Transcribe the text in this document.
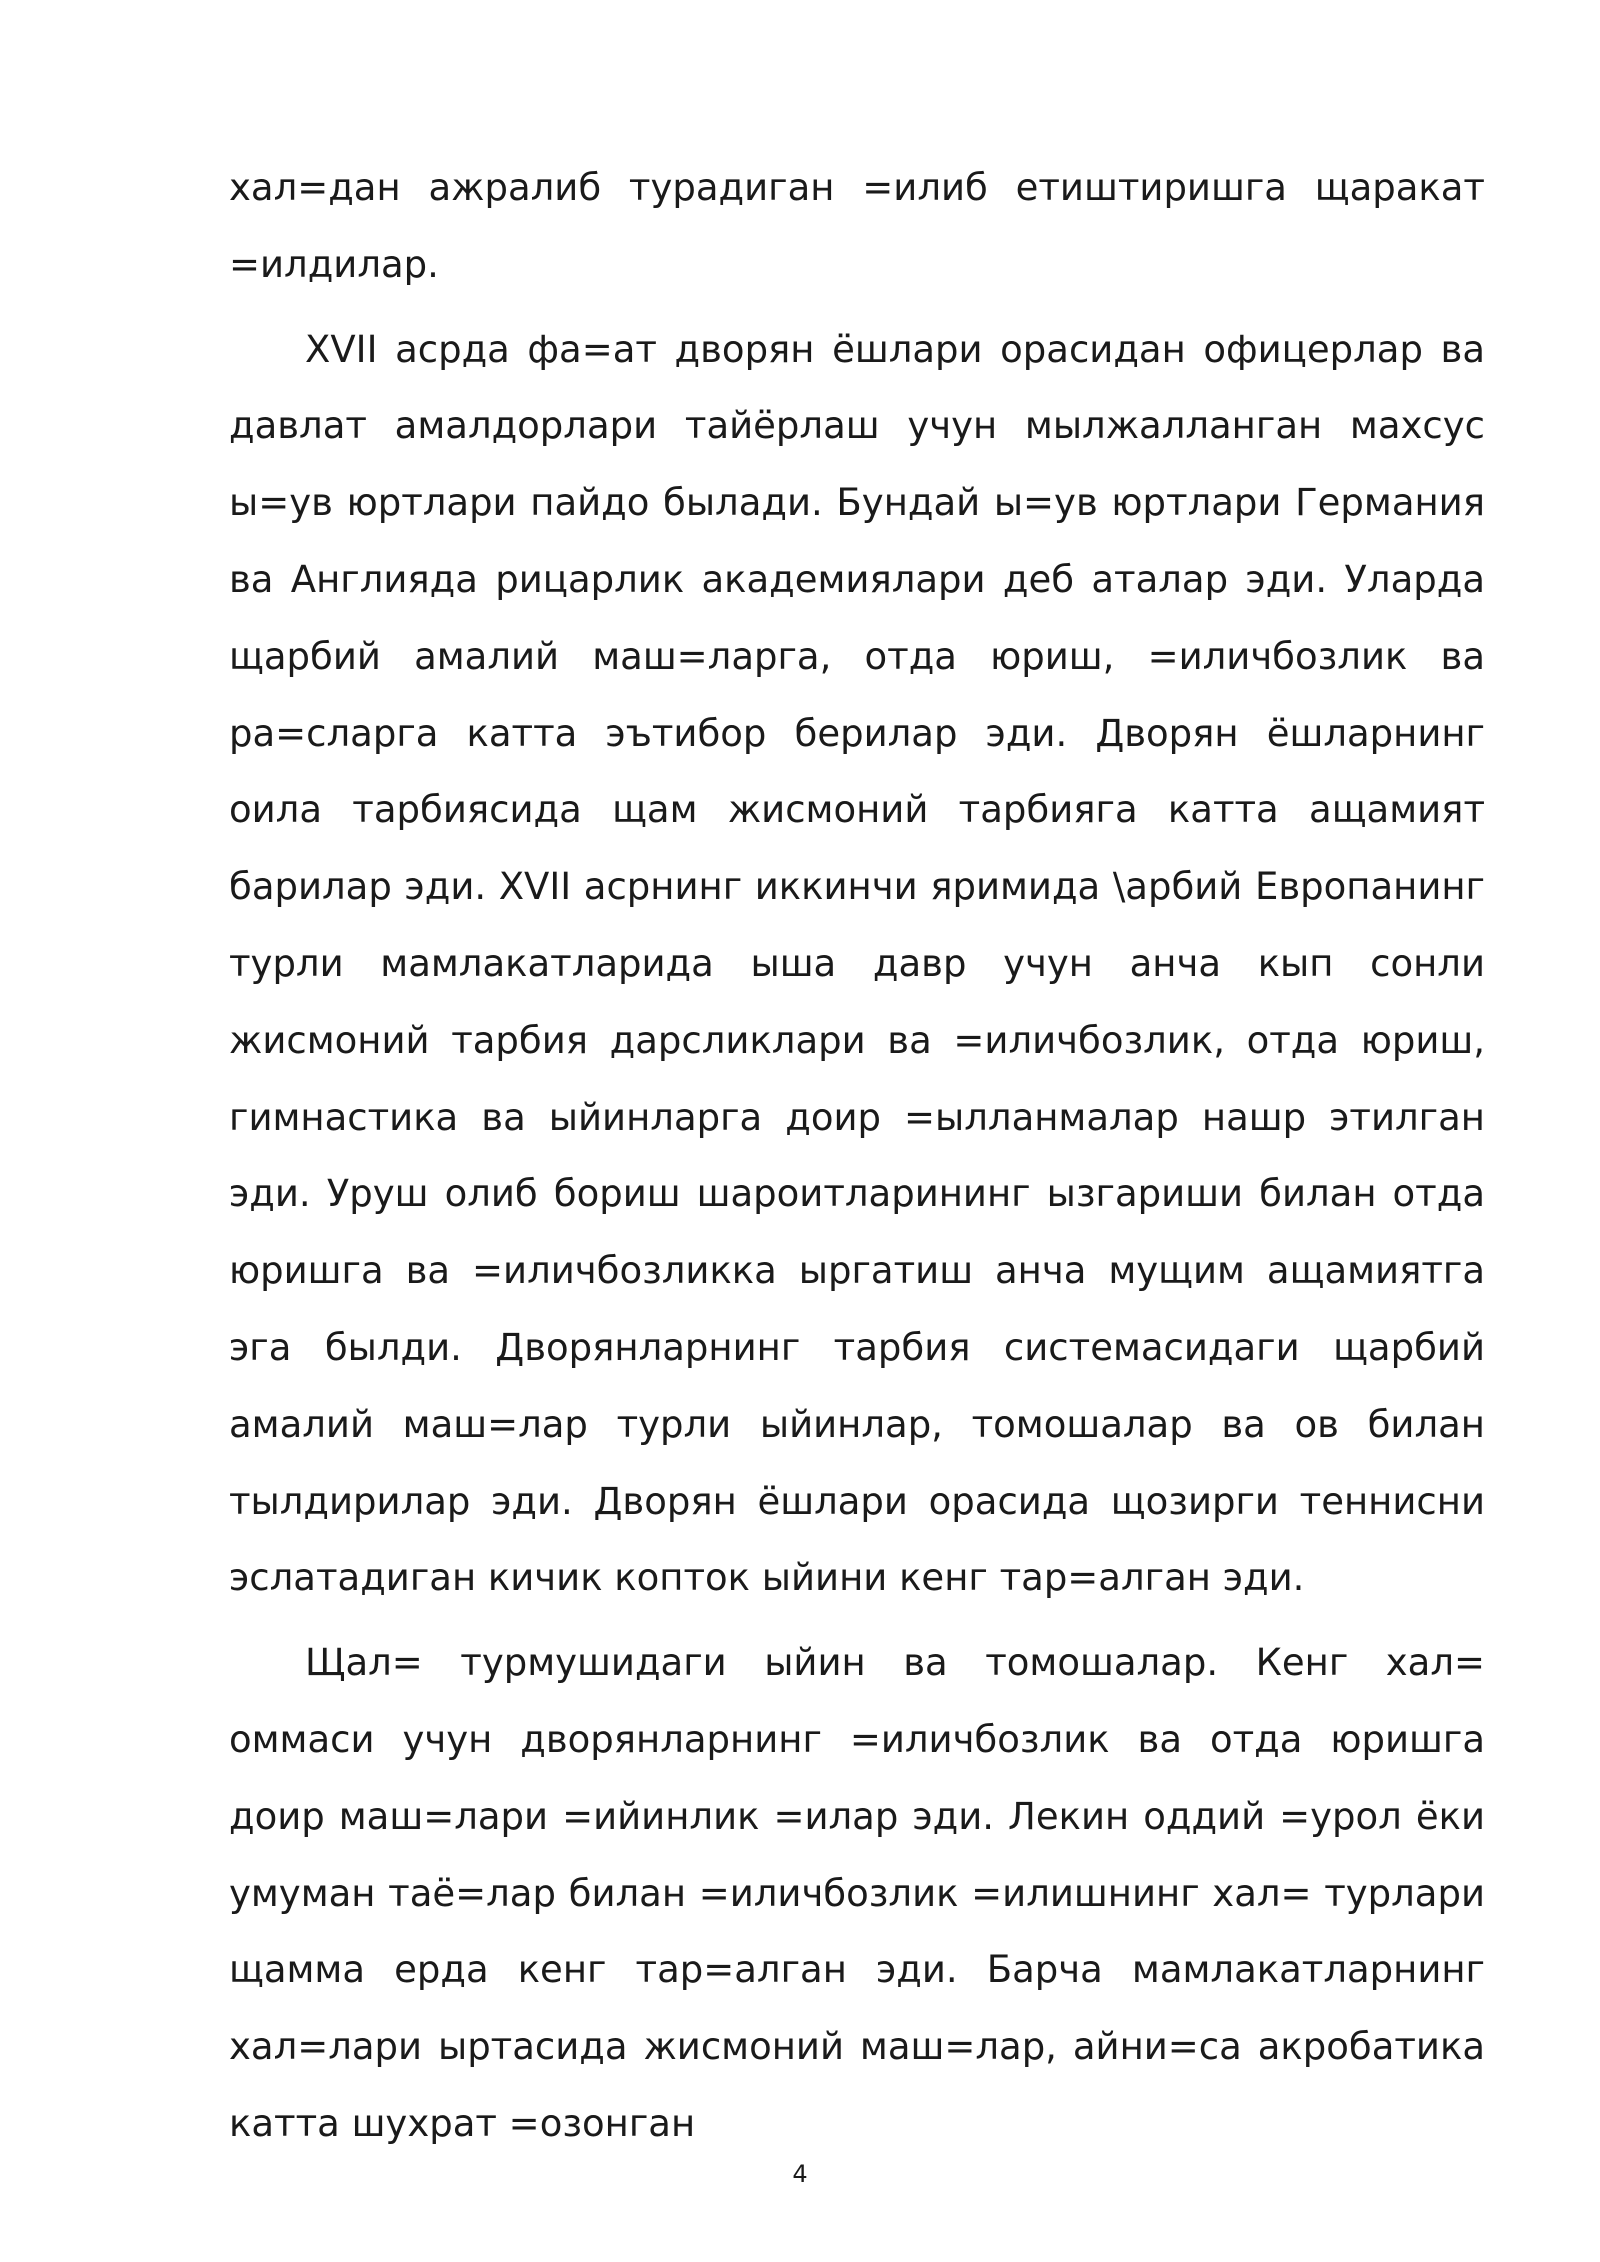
хал=дан ажралиб турадиган =илиб етиштиришга щаракат =илдилар.

XVII асрда фа=ат дворян ёшлари орасидан офицерлар ва давлат амалдорлари тайёрлаш учун мылжалланган махсус ы=ув юртлари пайдо былади. Бундай ы=ув юртлари Германия ва Англияда рицарлик академиялари деб аталар эди. Уларда щарбий амалий маш=ларга, отда юриш, =иличбозлик ва ра=сларга катта эътибор берилар эди. Дворян ёшларнинг оила тарбиясида щам жисмоний тарбияга катта ащамият барилар эди. XVII асрнинг иккинчи яримида \арбий Европанинг турли мамлакатларида ыша давр учун анча кып сонли жисмоний тарбия дарсликлари ва =иличбозлик, отда юриш, гимнастика ва ыйинларга доир =ылланмалар нашр этилган эди. Уруш олиб бориш шароитларининг ызгариши билан отда юришга ва =иличбозликка ыргатиш анча мущим ащамиятга эга былди. Дворянларнинг тарбия системасидаги щарбий амалий маш=лар турли ыйинлар, томошалар ва ов билан тылдирилар эди. Дворян ёшлари орасида щозирги теннисни эслатадиган кичик копток ыйини кенг тар=алган эди.

Щал= турмушидаги ыйин ва томошалар. Кенг хал= оммаси учун дворянларнинг =иличбозлик ва отда юришга доир маш=лари =ийинлик =илар эди. Лекин оддий =урол ёки умуман таё=лар билан =иличбозлик =илишнинг хал= турлари щамма ерда кенг тар=алган эди. Барча мамлакатларнинг хал=лари ыртасида жисмоний маш=лар, айни=са акробатика катта шухрат =озонган

4
